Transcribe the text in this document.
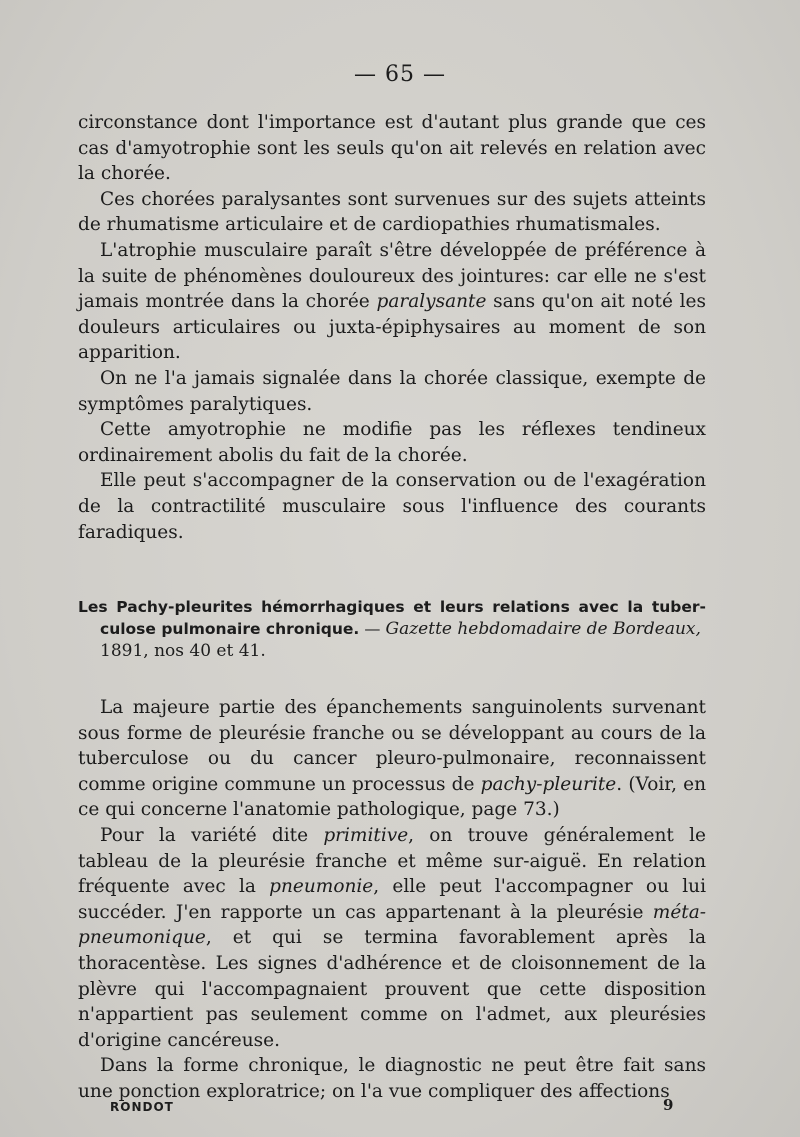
— 65 —

circonstance dont l'importance est d'autant plus grande que ces cas d'amyotrophie sont les seuls qu'on ait relevés en relation avec la chorée.

Ces chorées paralysantes sont survenues sur des sujets atteints de rhumatisme articulaire et de cardiopathies rhumatismales.

L'atrophie musculaire paraît s'être développée de préférence à la suite de phénomènes douloureux des jointures: car elle ne s'est jamais montrée dans la chorée paralysante sans qu'on ait noté les douleurs articulaires ou juxta-épiphysaires au moment de son apparition.

On ne l'a jamais signalée dans la chorée classique, exempte de symptômes paralytiques.

Cette amyotrophie ne modifie pas les réflexes tendineux ordinairement abolis du fait de la chorée.

Elle peut s'accompagner de la conservation ou de l'exagération de la contractilité musculaire sous l'influence des courants faradiques.

Les Pachy-pleurites hémorrhagiques et leurs relations avec la tuber-
culose pulmonaire chronique. — Gazette hebdomadaire de Bordeaux,
1891, nos 40 et 41.

La majeure partie des épanchements sanguinolents survenant sous forme de pleurésie franche ou se développant au cours de la tuberculose ou du cancer pleuro-pulmonaire, reconnaissent comme origine commune un processus de pachy-pleurite. (Voir, en ce qui concerne l'anatomie pathologique, page 73.)

Pour la variété dite primitive, on trouve généralement le tableau de la pleurésie franche et même sur-aiguë. En relation fréquente avec la pneumonie, elle peut l'accompagner ou lui succéder. J'en rapporte un cas appartenant à la pleurésie méta-pneumonique, et qui se termina favorablement après la thoracentèse. Les signes d'adhérence et de cloisonnement de la plèvre qui l'accompagnaient prouvent que cette disposition n'appartient pas seulement comme on l'admet, aux pleurésies d'origine cancéreuse.

Dans la forme chronique, le diagnostic ne peut être fait sans une ponction exploratrice; on l'a vue compliquer des affections

RONDOT	9
